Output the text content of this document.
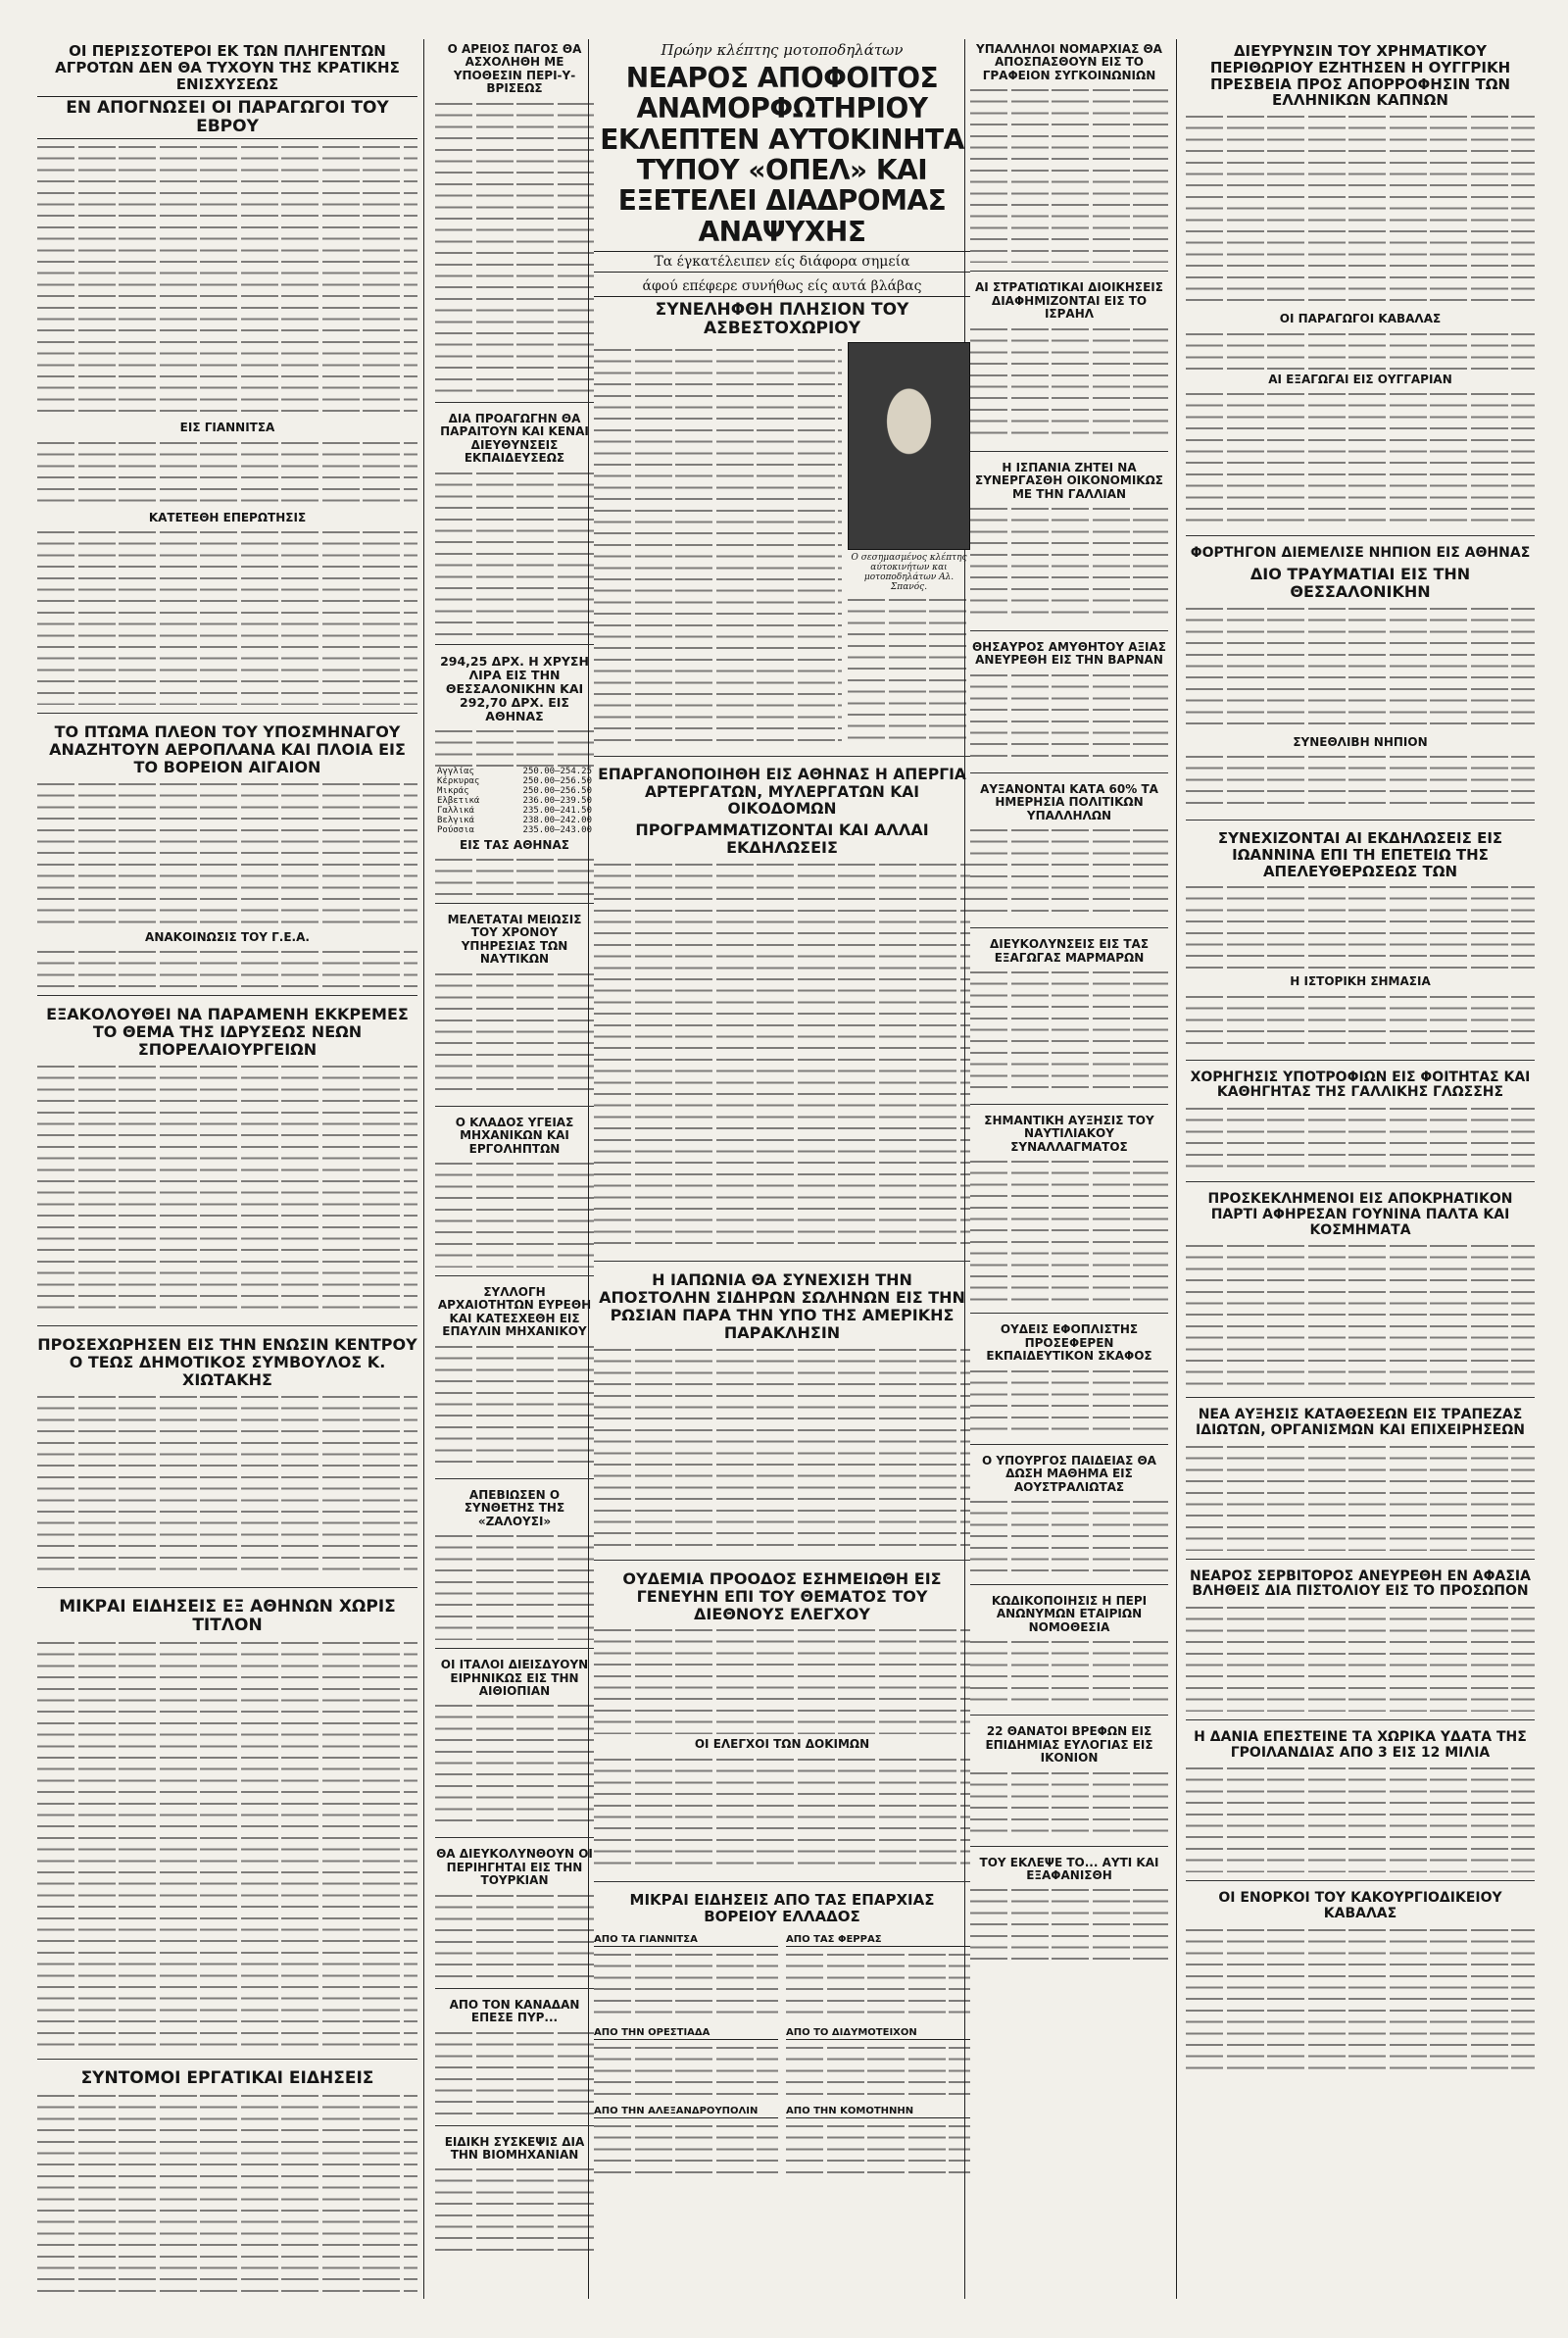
ΟΙ ΠΕΡΙΣΣΟΤΕΡΟΙ ΕΚ ΤΩΝ ΠΛΗΓΕΝΤΩΝ ΑΓΡΟΤΩΝ ΔΕΝ ΘΑ ΤΥΧΟΥΝ ΤΗΣ ΚΡΑΤΙΚΗΣ ΕΝΙΣΧΥΣΕΩΣ
ΕΝ ΑΠΟΓΝΩΣΕΙ ΟΙ ΠΑΡΑΓΩΓΟΙ ΤΟΥ ΕΒΡΟΥ
ΕΙΣ ΓΙΑΝΝΙΤΣΑ
ΚΑΤΕΤΕΘΗ ΕΠΕΡΩΤΗΣΙΣ
ΤΟ ΠΤΩΜΑ ΠΛΕΟΝ ΤΟΥ ΥΠΟΣΜΗΝΑΓΟΥ ΑΝΑΖΗΤΟΥΝ ΑΕΡΟΠΛΑΝΑ ΚΑΙ ΠΛΟΙΑ ΕΙΣ ΤΟ ΒΟΡΕΙΟΝ ΑΙΓΑΙΟΝ
ΑΝΑΚΟΙΝΩΣΙΣ ΤΟΥ Γ.Ε.Α.
ΕΞΑΚΟΛΟΥΘΕΙ ΝΑ ΠΑΡΑΜΕΝΗ ΕΚΚΡΕΜΕΣ ΤΟ ΘΕΜΑ ΤΗΣ ΙΔΡΥΣΕΩΣ ΝΕΩΝ ΣΠΟΡΕΛΑΙΟΥΡΓΕΙΩΝ
ΠΡΟΣΕΧΩΡΗΣΕΝ ΕΙΣ ΤΗΝ ΕΝΩΣΙΝ ΚΕΝΤΡΟΥ Ο ΤΕΩΣ ΔΗΜΟΤΙΚΟΣ ΣΥΜΒΟΥΛΟΣ Κ. ΧΙΩΤΑΚΗΣ
ΜΙΚΡΑΙ ΕΙΔΗΣΕΙΣ ΕΞ ΑΘΗΝΩΝ ΧΩΡΙΣ ΤΙΤΛΟΝ
ΣΥΝΤΟΜΟΙ ΕΡΓΑΤΙΚΑΙ ΕΙΔΗΣΕΙΣ
Ο ΑΡΕΙΟΣ ΠΑΓΟΣ ΘΑ ΑΣΧΟΛΗΘΗ ΜΕ ΥΠΟΘΕΣΙΝ ΠΕΡΙ-Υ-ΒΡΙΣΕΩΣ
ΔΙΑ ΠΡΟΑΓΩΓΗΝ ΘΑ ΠΑΡΑΙΤΟΥΝ ΚΑΙ ΚΕΝΑΙ ΔΙΕΥΘΥΝΣΕΙΣ ΕΚΠΑΙΔΕΥΣΕΩΣ
294,25 ΔΡΧ. Η ΧΡΥΣΗ ΛΙΡΑ ΕΙΣ ΤΗΝ ΘΕΣΣΑΛΟΝΙΚΗΝ ΚΑΙ 292,70 ΔΡΧ. ΕΙΣ ΑΘΗΝΑΣ
Αγγλίας	250.00—254.25
Κέρκυρας	250.00—256.50
Μικράς	250.00—256.50
Ελβετικά	236.00—239.50
Γαλλικά	235.00—241.50
Βελγικά	238.00—242.00
Ρούσσια	235.00—243.00
ΕΙΣ ΤΑΣ ΑΘΗΝΑΣ
ΜΕΛΕΤΑΤΑΙ ΜΕΙΩΣΙΣ ΤΟΥ ΧΡΟΝΟΥ ΥΠΗΡΕΣΙΑΣ ΤΩΝ ΝΑΥΤΙΚΩΝ
Ο ΚΛΑΔΟΣ ΥΓΕΙΑΣ ΜΗΧΑΝΙΚΩΝ ΚΑΙ ΕΡΓΟΛΗΠΤΩΝ
ΣΥΛΛΟΓΗ ΑΡΧΑΙΟΤΗΤΩΝ ΕΥΡΕΘΗ ΚΑΙ ΚΑΤΕΣΧΕΘΗ ΕΙΣ ΕΠΑΥΛΙΝ ΜΗΧΑΝΙΚΟΥ
ΑΠΕΒΙΩΣΕΝ Ο ΣΥΝΘΕΤΗΣ ΤΗΣ «ΖΑΛΟΥΣΙ»
ΟΙ ΙΤΑΛΟΙ ΔΙΕΙΣΔΥΟΥΝ ΕΙΡΗΝΙΚΩΣ ΕΙΣ ΤΗΝ ΑΙΘΙΟΠΙΑΝ
ΘΑ ΔΙΕΥΚΟΛΥΝΘΟΥΝ ΟΙ ΠΕΡΙΗΓΗΤΑΙ ΕΙΣ ΤΗΝ ΤΟΥΡΚΙΑΝ
ΑΠΟ ΤΟΝ ΚΑΝΑΔΑΝ ΕΠΕΣΕ ΠΥΡ...
ΕΙΔΙΚΗ ΣΥΣΚΕΨΙΣ ΔΙΑ ΤΗΝ ΒΙΟΜΗΧΑΝΙΑΝ
Πρώην κλέπτης μοτοποδηλάτων
ΝΕΑΡΟΣ ΑΠΟΦΟΙΤΟΣ ΑΝΑΜΟΡΦΩΤΗΡΙΟΥ ΕΚΛΕΠΤΕΝ ΑΥΤΟΚΙΝΗΤΑ ΤΥΠΟΥ «ΟΠΕΛ» ΚΑΙ ΕΞΕΤΕΛΕΙ ΔΙΑΔΡΟΜΑΣ ΑΝΑΨΥΧΗΣ
Τα έγκατέλειπεν είς διάφορα σημεία
άφού επέφερε συνήθως είς αυτά βλάβας
ΣΥΝΕΛΗΦΘΗ ΠΛΗΣΙΟΝ ΤΟΥ ΑΣΒΕΣΤΟΧΩΡΙΟΥ
Ο σεσημασμένος κλέπτης αύτοκινήτων και μοτοποδηλάτων Αλ. Σπανός.
ΕΠΑΡΓΑΝΟΠΟΙΗΘΗ ΕΙΣ ΑΘΗΝΑΣ Η ΑΠΕΡΓΙΑ ΑΡΤΕΡΓΑΤΩΝ, ΜΥΛΕΡΓΑΤΩΝ ΚΑΙ ΟΙΚΟΔΟΜΩΝ
ΠΡΟΓΡΑΜΜΑΤΙΖΟΝΤΑΙ ΚΑΙ ΑΛΛΑΙ ΕΚΔΗΛΩΣΕΙΣ
Η ΙΑΠΩΝΙΑ ΘΑ ΣΥΝΕΧΙΣΗ ΤΗΝ ΑΠΟΣΤΟΛΗΝ ΣΙΔΗΡΩΝ ΣΩΛΗΝΩΝ ΕΙΣ ΤΗΝ ΡΩΣΙΑΝ ΠΑΡΑ ΤΗΝ ΥΠΟ ΤΗΣ ΑΜΕΡΙΚΗΣ ΠΑΡΑΚΛΗΣΙΝ
ΟΥΔΕΜΙΑ ΠΡΟΟΔΟΣ ΕΣΗΜΕΙΩΘΗ ΕΙΣ ΓΕΝΕΥΗΝ ΕΠΙ ΤΟΥ ΘΕΜΑΤΟΣ ΤΟΥ ΔΙΕΘΝΟΥΣ ΕΛΕΓΧΟΥ
ΟΙ ΕΛΕΓΧΟΙ ΤΩΝ ΔΟΚΙΜΩΝ
ΜΙΚΡΑΙ ΕΙΔΗΣΕΙΣ ΑΠΟ ΤΑΣ ΕΠΑΡΧΙΑΣ ΒΟΡΕΙΟΥ ΕΛΛΑΔΟΣ
ΑΠΟ ΤΑ ΓΙΑΝΝΙΤΣΑ	ΑΠΟ ΤΑΣ ΦΕΡΡΑΣ
ΑΠΟ ΤΗΝ ΟΡΕΣΤΙΑΔΑ	ΑΠΟ ΤΟ ΔΙΔΥΜΟΤΕΙΧΟΝ
ΑΠΟ ΤΗΝ ΑΛΕΞΑΝΔΡΟΥΠΟΛΙΝ	ΑΠΟ ΤΗΝ ΚΟΜΟΤΗΝΗΝ
ΥΠΑΛΛΗΛΟΙ ΝΟΜΑΡΧΙΑΣ ΘΑ ΑΠΟΣΠΑΣΘΟΥΝ ΕΙΣ ΤΟ ΓΡΑΦΕΙΟΝ ΣΥΓΚΟΙΝΩΝΙΩΝ
ΑΙ ΣΤΡΑΤΙΩΤΙΚΑΙ ΔΙΟΙΚΗΣΕΙΣ ΔΙΑΦΗΜΙΖΟΝΤΑΙ ΕΙΣ ΤΟ ΙΣΡΑΗΛ
Η ΙΣΠΑΝΙΑ ΖΗΤΕΙ ΝΑ ΣΥΝΕΡΓΑΣΘΗ ΟΙΚΟΝΟΜΙΚΩΣ ΜΕ ΤΗΝ ΓΑΛΛΙΑΝ
ΘΗΣΑΥΡΟΣ ΑΜΥΘΗΤΟΥ ΑΞΙΑΣ ΑΝΕΥΡΕΘΗ ΕΙΣ ΤΗΝ ΒΑΡΝΑΝ
ΑΥΞΑΝΟΝΤΑΙ ΚΑΤΑ 60% ΤΑ ΗΜΕΡΗΣΙΑ ΠΟΛΙΤΙΚΩΝ ΥΠΑΛΛΗΛΩΝ
ΔΙΕΥΚΟΛΥΝΣΕΙΣ ΕΙΣ ΤΑΣ ΕΞΑΓΩΓΑΣ ΜΑΡΜΑΡΩΝ
ΣΗΜΑΝΤΙΚΗ ΑΥΞΗΣΙΣ ΤΟΥ ΝΑΥΤΙΛΙΑΚΟΥ ΣΥΝΑΛΛΑΓΜΑΤΟΣ
ΟΥΔΕΙΣ ΕΦΟΠΛΙΣΤΗΣ ΠΡΟΣΕΦΕΡΕΝ ΕΚΠΑΙΔΕΥΤΙΚΟΝ ΣΚΑΦΟΣ
Ο ΥΠΟΥΡΓΟΣ ΠΑΙΔΕΙΑΣ ΘΑ ΔΩΣΗ ΜΑΘΗΜΑ ΕΙΣ ΑΟΥΣΤΡΑΛΙΩΤΑΣ
ΚΩΔΙΚΟΠΟΙΗΣΙΣ Η ΠΕΡΙ ΑΝΩΝΥΜΩΝ ΕΤΑΙΡΙΩΝ ΝΟΜΟΘΕΣΙΑ
22 ΘΑΝΑΤΟΙ ΒΡΕΦΩΝ ΕΙΣ ΕΠΙΔΗΜΙΑΣ ΕΥΛΟΓΙΑΣ ΕΙΣ ΙΚΟΝΙΟΝ
ΤΟΥ ΕΚΛΕΨΕ ΤΟ... ΑΥΤΙ ΚΑΙ ΕΞΑΦΑΝΙΣΘΗ
ΔΙΕΥΡΥΝΣΙΝ ΤΟΥ ΧΡΗΜΑΤΙΚΟΥ ΠΕΡΙΘΩΡΙΟΥ ΕΖΗΤΗΣΕΝ Η ΟΥΓΓΡΙΚΗ ΠΡΕΣΒΕΙΑ ΠΡΟΣ ΑΠΟΡΡΟΦΗΣΙΝ ΤΩΝ ΕΛΛΗΝΙΚΩΝ ΚΑΠΝΩΝ
ΟΙ ΠΑΡΑΓΩΓΟΙ ΚΑΒΑΛΑΣ
ΑΙ ΕΞΑΓΩΓΑΙ ΕΙΣ ΟΥΓΓΑΡΙΑΝ
ΦΟΡΤΗΓΟΝ ΔΙΕΜΕΛΙΣΕ ΝΗΠΙΟΝ ΕΙΣ ΑΘΗΝΑΣ
ΔΙΟ ΤΡΑΥΜΑΤΙΑΙ ΕΙΣ ΤΗΝ ΘΕΣΣΑΛΟΝΙΚΗΝ
ΣΥΝΕΘΛΙΒΗ ΝΗΠΙΟΝ
ΣΥΝΕΧΙΖΟΝΤΑΙ ΑΙ ΕΚΔΗΛΩΣΕΙΣ ΕΙΣ ΙΩΑΝΝΙΝΑ ΕΠΙ ΤΗ ΕΠΕΤΕΙΩ ΤΗΣ ΑΠΕΛΕΥΘΕΡΩΣΕΩΣ ΤΩΝ
Η ΙΣΤΟΡΙΚΗ ΣΗΜΑΣΙΑ
ΧΟΡΗΓΗΣΙΣ ΥΠΟΤΡΟΦΙΩΝ ΕΙΣ ΦΟΙΤΗΤΑΣ ΚΑΙ ΚΑΘΗΓΗΤΑΣ ΤΗΣ ΓΑΛΛΙΚΗΣ ΓΛΩΣΣΗΣ
ΠΡΟΣΚΕΚΛΗΜΕΝΟΙ ΕΙΣ ΑΠΟΚΡΗΑΤΙΚΟΝ ΠΑΡΤΙ ΑΦΗΡΕΣΑΝ ΓΟΥΝΙΝΑ ΠΑΛΤΑ ΚΑΙ ΚΟΣΜΗΜΑΤΑ
ΝΕΑ ΑΥΞΗΣΙΣ ΚΑΤΑΘΕΣΕΩΝ ΕΙΣ ΤΡΑΠΕΖΑΣ ΙΔΙΩΤΩΝ, ΟΡΓΑΝΙΣΜΩΝ ΚΑΙ ΕΠΙΧΕΙΡΗΣΕΩΝ
ΝΕΑΡΟΣ ΣΕΡΒΙΤΟΡΟΣ ΑΝΕΥΡΕΘΗ ΕΝ ΑΦΑΣΙΑ ΒΛΗΘΕΙΣ ΔΙΑ ΠΙΣΤΟΛΙΟΥ ΕΙΣ ΤΟ ΠΡΟΣΩΠΟΝ
Η ΔΑΝΙΑ ΕΠΕΣΤΕΙΝΕ ΤΑ ΧΩΡΙΚΑ ΥΔΑΤΑ ΤΗΣ ΓΡΟΙΛΑΝΔΙΑΣ ΑΠΟ 3 ΕΙΣ 12 ΜΙΛΙΑ
ΟΙ ΕΝΟΡΚΟΙ ΤΟΥ ΚΑΚΟΥΡΓΙΟΔΙΚΕΙΟΥ ΚΑΒΑΛΑΣ
